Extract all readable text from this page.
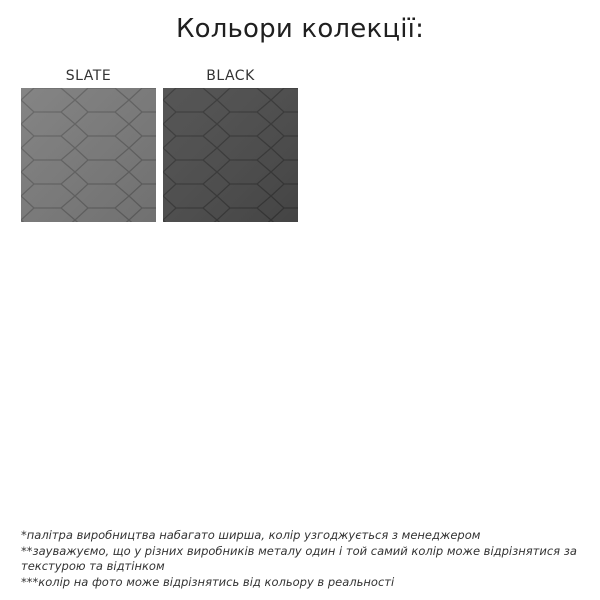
Кольори колекції:
SLATE	BLACK

*палітра виробництва набагато ширша, колір узгоджується з менеджером

**зауважуємо, що у різних виробників металу один і той самий колір може відрізнятися за текстурою та відтінком

***колір на фото може відрізнятись від кольору в реальності
